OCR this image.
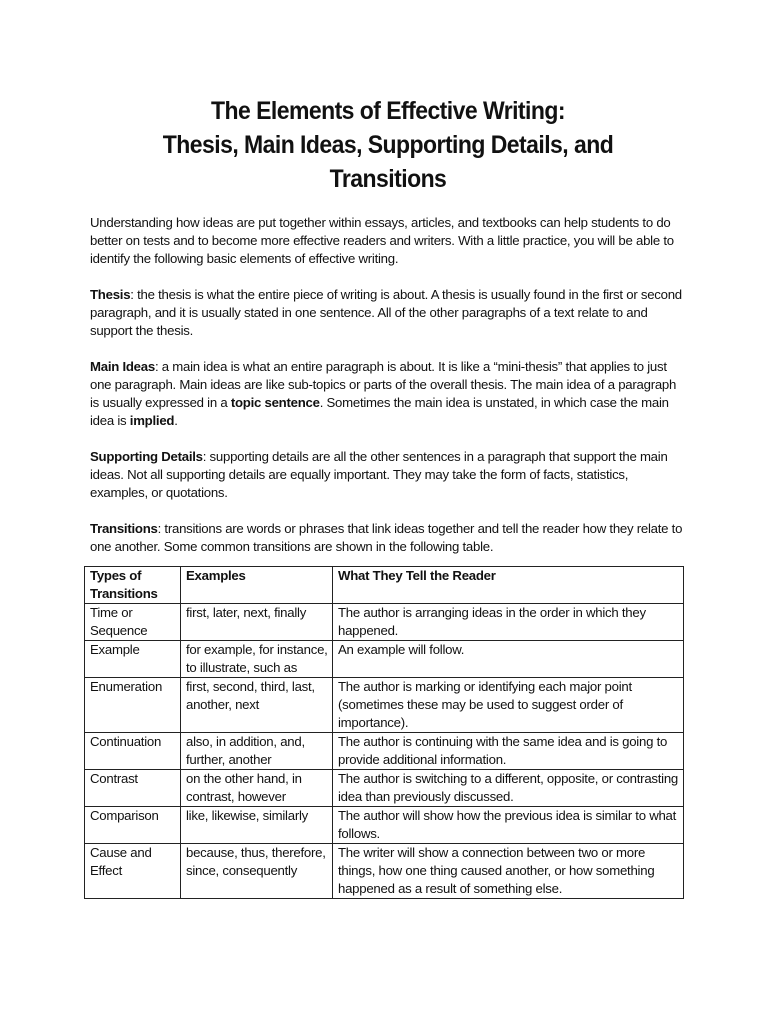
The Elements of Effective Writing:
Thesis, Main Ideas, Supporting Details, and
Transitions

Understanding how ideas are put together within essays, articles, and textbooks can help students to do better on tests and to become more effective readers and writers. With a little practice, you will be able to identify the following basic elements of effective writing.

Thesis: the thesis is what the entire piece of writing is about. A thesis is usually found in the first or second paragraph, and it is usually stated in one sentence. All of the other paragraphs of a text relate to and support the thesis.

Main Ideas: a main idea is what an entire paragraph is about. It is like a “mini-thesis” that applies to just one paragraph. Main ideas are like sub-topics or parts of the overall thesis. The main idea of a paragraph is usually expressed in a topic sentence. Sometimes the main idea is unstated, in which case the main idea is implied.

Supporting Details: supporting details are all the other sentences in a paragraph that support the main ideas. Not all supporting details are equally important. They may take the form of facts, statistics, examples, or quotations.

Transitions: transitions are words or phrases that link ideas together and tell the reader how they relate to one another. Some common transitions are shown in the following table.

Types of Transitions	Examples	What They Tell the Reader
Time or Sequence	first, later, next, finally	The author is arranging ideas in the order in which they happened.
Example	for example, for instance, to illustrate, such as	An example will follow.
Enumeration	first, second, third, last, another, next	The author is marking or identifying each major point (sometimes these may be used to suggest order of importance).
Continuation	also, in addition, and, further, another	The author is continuing with the same idea and is going to provide additional information.
Contrast	on the other hand, in contrast, however	The author is switching to a different, opposite, or contrasting idea than previously discussed.
Comparison	like, likewise, similarly	The author will show how the previous idea is similar to what follows.
Cause and Effect	because, thus, therefore, since, consequently	The writer will show a connection between two or more things, how one thing caused another, or how something happened as a result of something else.
